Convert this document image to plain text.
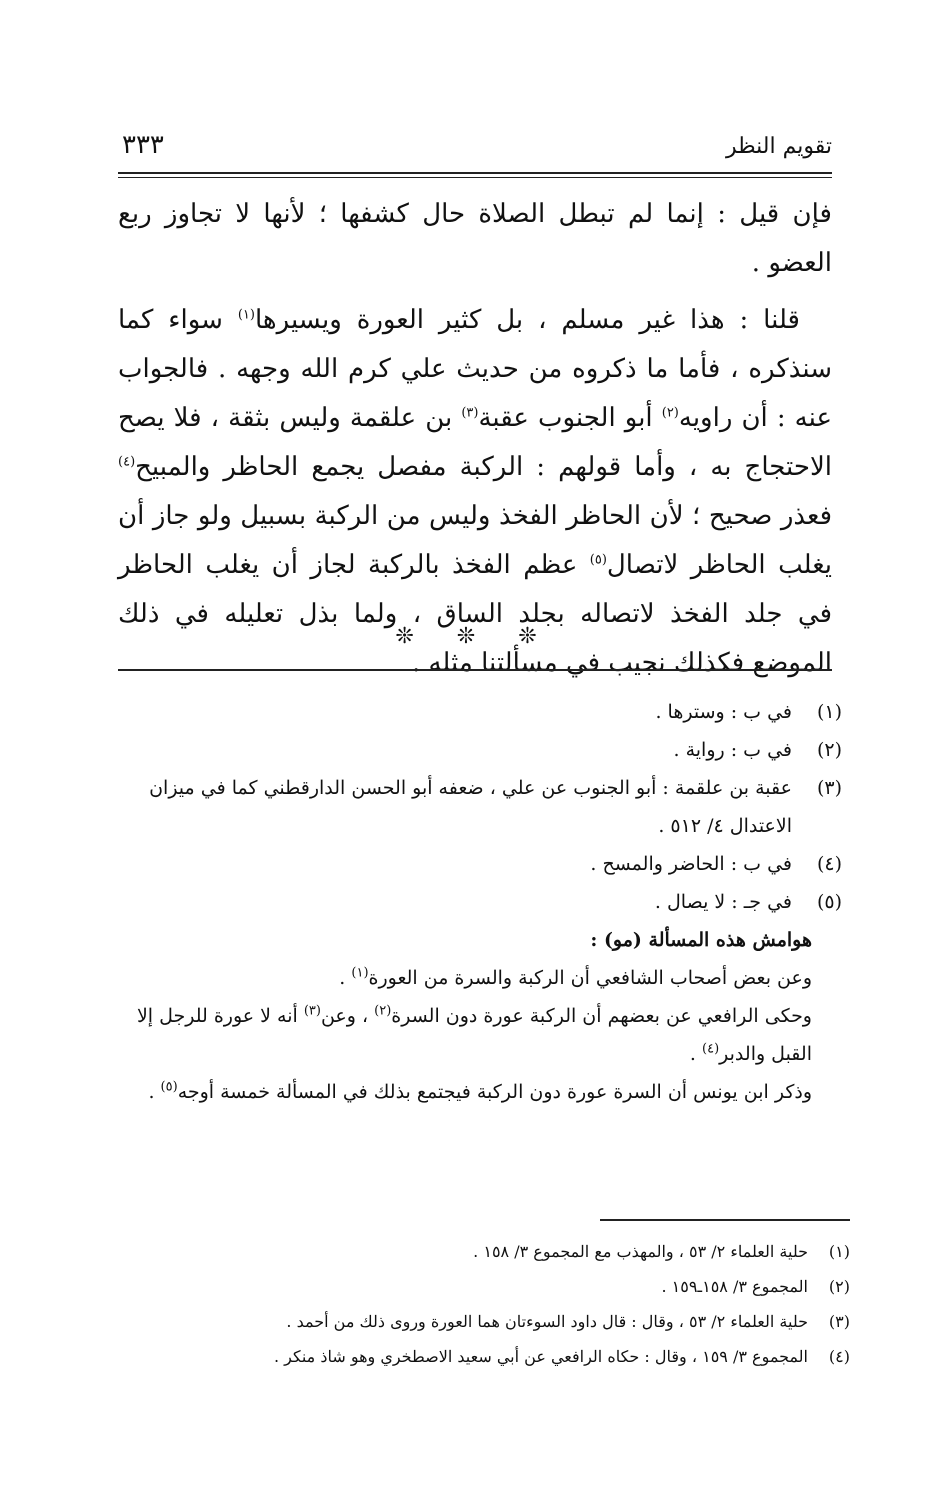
تقويم النظر
٣٣٣

فإن قيل : إنما لم تبطل الصلاة حال كشفها ؛ لأنها لا تجاوز ربع العضو .

قلنا : هذا غير مسلم ، بل كثير العورة ويسيرها$^{(١)}$ سواء كما سنذكره ، فأما ما ذكروه من حديث علي كرم الله وجهه . فالجواب عنه : أن راويه$^{(٢)}$ أبو الجنوب عقبة$^{(٣)}$ بن علقمة وليس بثقة ، فلا يصح الاحتجاج به ، وأما قولهم : الركبة مفصل يجمع الحاظر والمبيح$^{(٤)}$ فعذر صحيح ؛ لأن الحاظر الفخذ وليس من الركبة بسبيل ولو جاز أن يغلب الحاظر لاتصال$^{(٥)}$ عظم الفخذ بالركبة لجاز أن يغلب الحاظر في جلد الفخذ لاتصاله بجلد الساق ، ولما بذل تعليله في ذلك الموضع فكذلك نجيب في مسألتنا مثله .

❊ ❊ ❊
(١)
في ب : وسترها .
(٢)
في ب : رواية .
(٣)
عقبة بن علقمة : أبو الجنوب عن علي ، ضعفه أبو الحسن الدارقطني كما في ميزان الاعتدال ٤/ ٥١٢ .
(٤)
في ب : الحاضر والمسح .
(٥)
في جـ : لا يصال .
هوامش هذه المسألة (مو) :
وعن بعض أصحاب الشافعي أن الركبة والسرة من العورة$^{(١)}$ .
وحكى الرافعي عن بعضهم أن الركبة عورة دون السرة$^{(٢)}$ ، وعن$^{(٣)}$ أنه لا عورة للرجل إلا القبل والدبر$^{(٤)}$ .
وذكر ابن يونس أن السرة عورة دون الركبة فيجتمع بذلك في المسألة خمسة أوجه$^{(٥)}$ .
(١)
حلية العلماء ٢/ ٥٣ ، والمهذب مع المجموع ٣/ ١٥٨ .
(٢)
المجموع ٣/ ١٥٨ـ١٥٩ .
(٣)
حلية العلماء ٢/ ٥٣ ، وقال : قال داود السوءتان هما العورة وروى ذلك من أحمد .
(٤)
المجموع ٣/ ١٥٩ ، وقال : حكاه الرافعي عن أبي سعيد الاصطخري وهو شاذ منكر .
